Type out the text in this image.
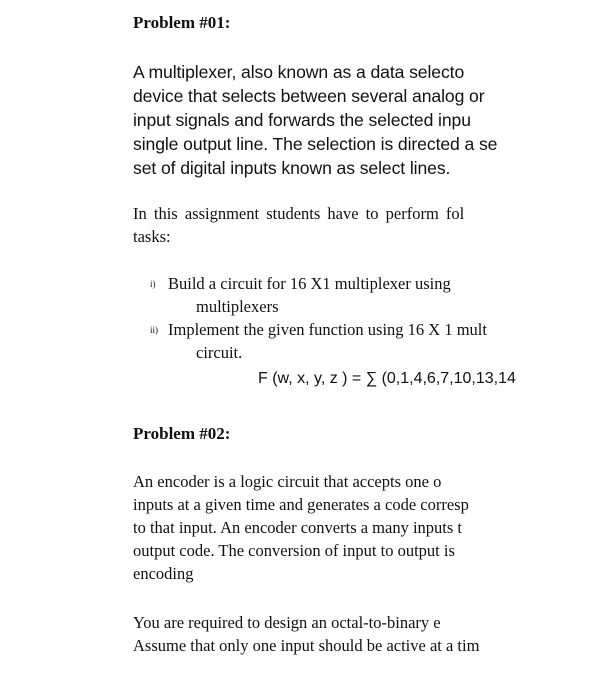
Problem #01:
A multiplexer, also known as a data selecto
device that selects between several analog or
input signals and forwards the selected inpu
single output line. The selection is directed a se
set of digital inputs known as select lines.
In this assignment students have to perform fol
tasks:
i) Build a circuit for 16 X1 multiplexer using
multiplexers
ii) Implement the given function using 16 X 1 mult
circuit.
F (w, x, y, z ) = ∑ (0,1,4,6,7,10,13,14
Problem #02:
An encoder is a logic circuit that accepts one o
inputs at a given time and generates a code corresp
to that input. An encoder converts a many inputs t
output code. The conversion of input to output is
encoding
You are required to design an octal-to-binary e
Assume that only one input should be active at a tim
